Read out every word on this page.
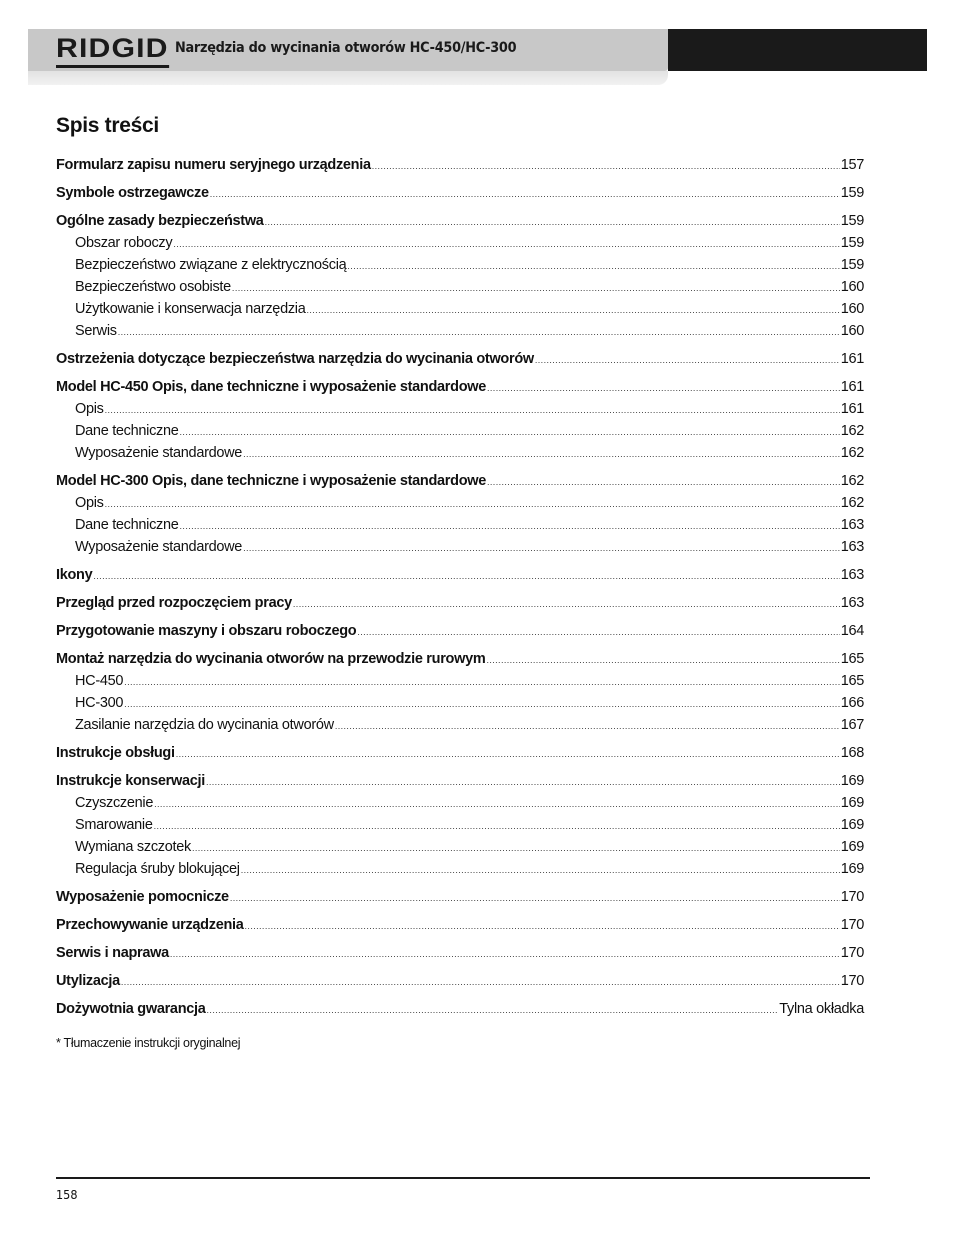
RIDGID Narzędzia do wycinania otworów HC-450/HC-300
Spis treści
Formularz zapisu numeru seryjnego urządzenia .....	157
Symbole ostrzegawcze .....	159
Ogólne zasady bezpieczeństwa .....	159
Obszar roboczy .....	159
Bezpieczeństwo związane z elektrycznością .....	159
Bezpieczeństwo osobiste .....	160
Użytkowanie i konserwacja narzędzia .....	160
Serwis .....	160
Ostrzeżenia dotyczące bezpieczeństwa narzędzia do wycinania otworów .....	161
Model HC-450 Opis, dane techniczne i wyposażenie standardowe .....	161
Opis .....	161
Dane techniczne .....	162
Wyposażenie standardowe .....	162
Model HC-300 Opis, dane techniczne i wyposażenie standardowe .....	162
Opis .....	162
Dane techniczne .....	163
Wyposażenie standardowe .....	163
Ikony .....	163
Przegląd przed rozpoczęciem pracy .....	163
Przygotowanie maszyny i obszaru roboczego .....	164
Montaż narzędzia do wycinania otworów na przewodzie rurowym .....	165
HC-450 .....	165
HC-300 .....	166
Zasilanie narzędzia do wycinania otworów .....	167
Instrukcje obsługi .....	168
Instrukcje konserwacji .....	169
Czyszczenie .....	169
Smarowanie .....	169
Wymiana szczotek .....	169
Regulacja śruby blokującej .....	169
Wyposażenie pomocnicze .....	170
Przechowywanie urządzenia .....	170
Serwis i naprawa .....	170
Utylizacja .....	170
Dożywotnia gwarancja .....	Tylna okładka
* Tłumaczenie instrukcji oryginalnej
158
